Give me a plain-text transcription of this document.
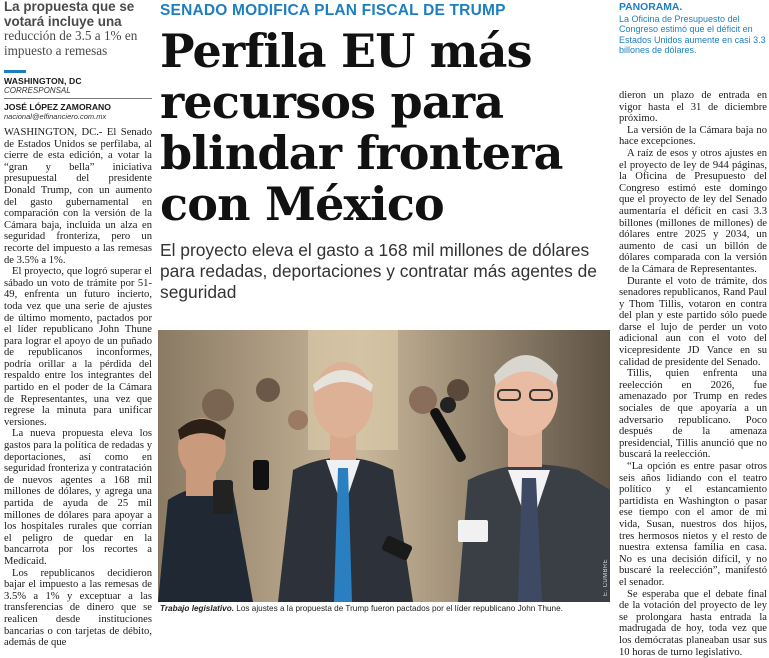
La propuesta que se votará incluye una reducción de 3.5 a 1% en impuesto a remesas

WASHINGTON, DC
CORRESPONSAL
JOSÉ LÓPEZ ZAMORANO
nacional@elfinanciero.com.mx

WASHINGTON, DC.- El Senado de Estados Unidos se perfilaba, al cierre de esta edición, a votar la “gran y bella” iniciativa presupuestal del presidente Donald Trump, con un aumento del gasto gubernamental en comparación con la versión de la Cámara baja, incluida un alza en seguridad fronteriza, pero un recorte del impuesto a las remesas de 3.5% a 1%.

El proyecto, que logró superar el sábado un voto de trámite por 51-49, enfrenta un futuro incierto, toda vez que una serie de ajustes de último momento, pactados por el líder republicano John Thune para lograr el apoyo de un puñado de republicanos inconformes, podría orillar a la pérdida del respaldo entre los integrantes del partido en el poder de la Cámara de Representantes, una vez que regrese la minuta para unificar versiones.

La nueva propuesta eleva los gastos para la política de redadas y deportaciones, así como en seguridad fronteriza y contratación de nuevos agentes a 168 mil millones de dólares, y agrega una partida de ayuda de 25 mil millones de dólares para apoyar a los hospitales rurales que corrían el peligro de quedar en la bancarrota por los recortes a Medicaid.

Los republicanos decidieron bajar el impuesto a las remesas de 3.5% a 1% y exceptuar a las transferencias de dinero que se realicen desde instituciones bancarias o con tarjetas de débito, además de que

SENADO MODIFICA PLAN FISCAL DE TRUMP
Perfila EU más
recursos para
blindar frontera
con México
El proyecto eleva el gasto a 168 mil millones de dólares para redadas, deportaciones y contratar más agentes de seguridad
E. CUMBRE
Trabajo legislativo. Los ajustes a la propuesta de Trump fueron pactados por el líder republicano John Thune.
PANORAMA.

La Oficina de Presupuesto del Congreso estimó que el déficit en Estados Unidos aumente en casi 3.3 billones de dólares.

dieron un plazo de entrada en vigor hasta el 31 de diciembre próximo.

La versión de la Cámara baja no hace excepciones.

A raíz de esos y otros ajustes en el proyecto de ley de 944 páginas, la Oficina de Presupuesto del Congreso estimó este domingo que el proyecto de ley del Senado aumentaría el déficit en casi 3.3 billones (millones de millones) de dólares entre 2025 y 2034, un aumento de casi un billón de dólares comparada con la versión de la Cámara de Representantes.

Durante el voto de trámite, dos senadores republicanos, Rand Paul y Thom Tillis, votaron en contra del plan y este partido sólo puede darse el lujo de perder un voto adicional aun con el voto del vicepresidente JD Vance en su calidad de presidente del Senado.

Tillis, quien enfrenta una reelección en 2026, fue amenazado por Trump en redes sociales de que apoyaría a un adversario republicano. Poco después de la amenaza presidencial, Tillis anunció que no buscará la reelección.

“La opción es entre pasar otros seis años lidiando con el teatro político y el estancamiento partidista en Washington o pasar ese tiempo con el amor de mi vida, Susan, nuestros dos hijos, tres hermosos nietos y el resto de nuestra extensa familia en casa. No es una decisión difícil, y no buscaré la reelección”, manifestó el senador.

Se esperaba que el debate final de la votación del proyecto de ley se prolongara hasta entrada la madrugada de hoy, toda vez que los demócratas planeaban usar sus 10 horas de turno legislativo.
